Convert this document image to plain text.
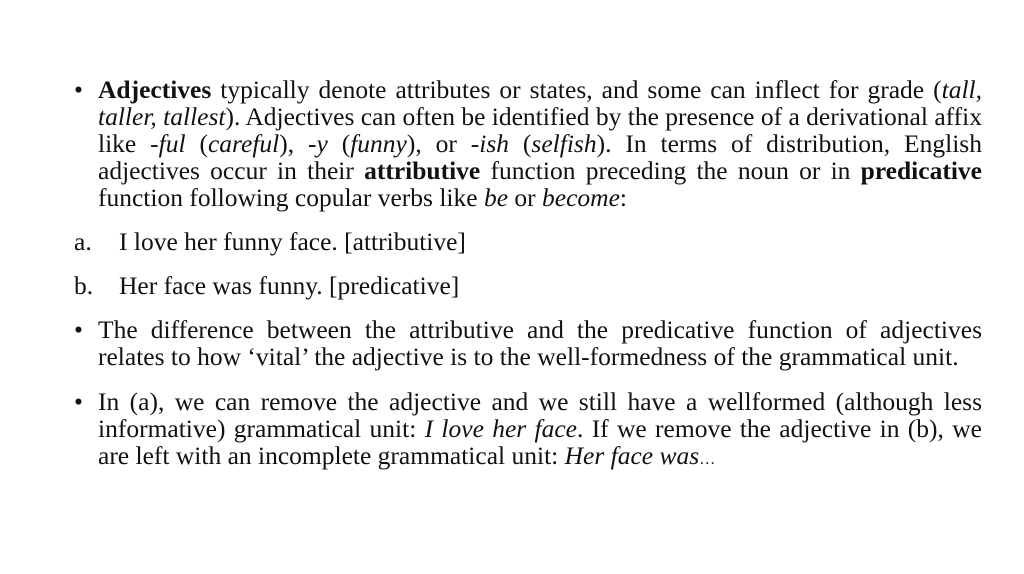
• Adjectives typically denote attributes or states, and some can inflect for grade (tall, taller, tallest). Adjectives can often be identified by the presence of a derivational affix like -ful (careful), -y (funny), or -ish (selfish). In terms of distribution, English adjectives occur in their attributive function preceding the noun or in predicative function following copular verbs like be or become:
a.	I love her funny face. [attributive]
b.	Her face was funny. [predicative]
• The difference between the attributive and the predicative function of adjectives relates to how ‘vital’ the adjective is to the well-formedness of the grammatical unit.
• In (a), we can remove the adjective and we still have a wellformed (although less informative) grammatical unit: I love her face. If we remove the adjective in (b), we are left with an incomplete grammatical unit: Her face was…
